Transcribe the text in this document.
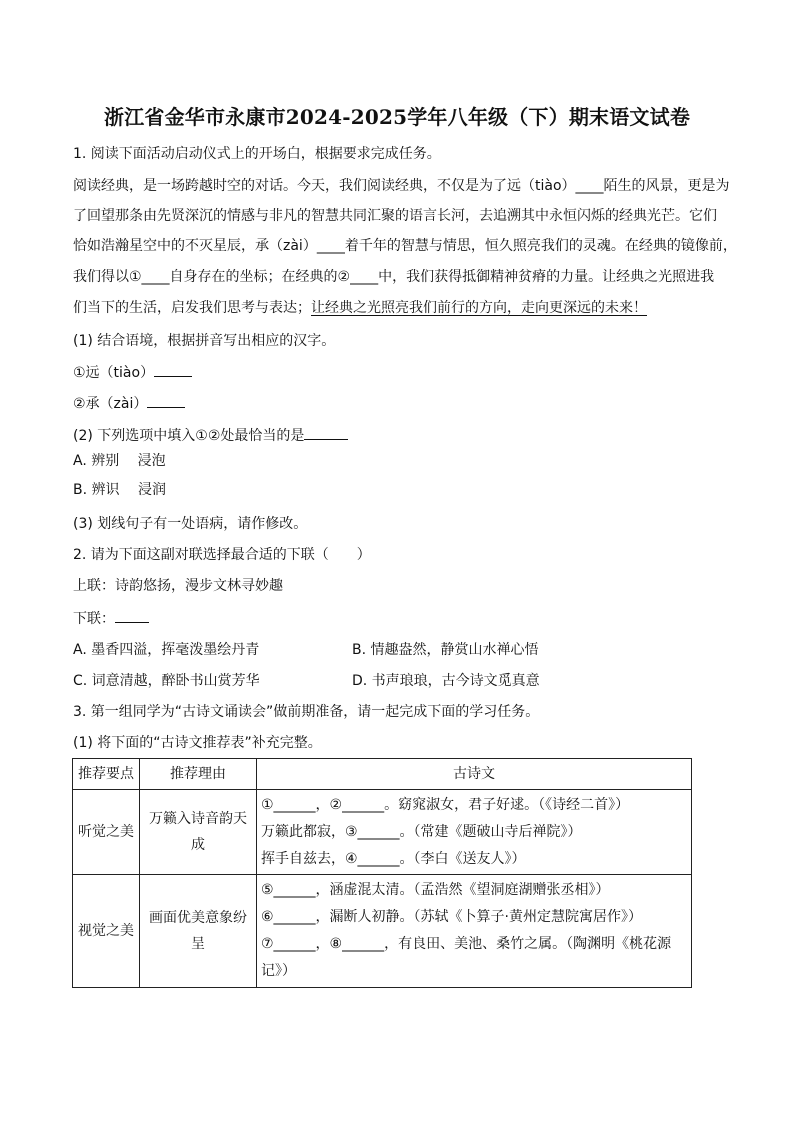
浙江省金华市永康市2024-2025学年八年级（下）期末语文试卷
1. 阅读下面活动启动仪式上的开场白，根据要求完成任务。
阅读经典，是一场跨越时空的对话。今天，我们阅读经典，不仅是为了远（tiào）____陌生的风景，更是为
了回望那条由先贤深沉的情感与非凡的智慧共同汇聚的语言长河，去追溯其中永恒闪烁的经典光芒。它们
恰如浩瀚星空中的不灭星辰，承（zài）____着千年的智慧与情思，恒久照亮我们的灵魂。在经典的镜像前，
我们得以①____自身存在的坐标；在经典的②____中，我们获得抵御精神贫瘠的力量。让经典之光照进我
们当下的生活，启发我们思考与表达；让经典之光照亮我们前行的方向，走向更深远的未来！
(1) 结合语境，根据拼音写出相应的汉字。
①远（tiào）
②承（zài）
(2) 下列选项中填入①②处最恰当的是
A. 辨别　 浸泡
B. 辨识　 浸润
(3) 划线句子有一处语病，请作修改。
2. 请为下面这副对联选择最合适的下联（　　）
上联：诗韵悠扬，漫步文林寻妙趣
下联：
A. 墨香四溢，挥毫泼墨绘丹青	B. 情趣盎然，静赏山水禅心悟
C. 词意清越，醉卧书山赏芳华	D. 书声琅琅，古今诗文觅真意
3. 第一组同学为“古诗文诵读会”做前期准备，请一起完成下面的学习任务。
(1) 将下面的“古诗文推荐表”补充完整。
推荐要点	推荐理由	古诗文
听觉之美	万籁入诗音韵天成	①______，②______。窈窕淑女，君子好逑。（《诗经二首》）
万籁此都寂，③______。（常建《题破山寺后禅院》）
挥手自兹去，④______。（李白《送友人》）

视觉之美	画面优美意象纷呈	⑤______，涵虚混太清。（孟浩然《望洞庭湖赠张丞相》）
⑥______，漏断人初静。（苏轼《卜算子·黄州定慧院寓居作》）
⑦______，⑧______，有良田、美池、桑竹之属。（陶渊明《桃花源
记》）
